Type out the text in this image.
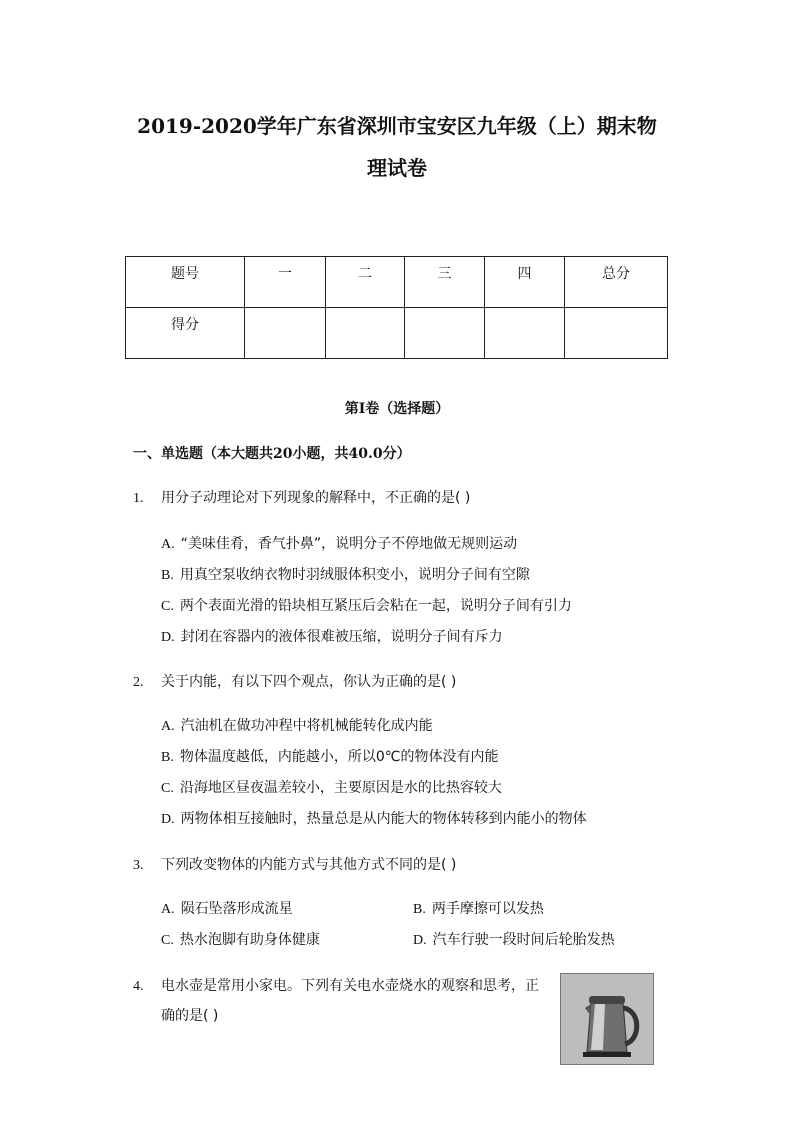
2019-2020学年广东省深圳市宝安区九年级（上）期末物
理试卷
题号	一	二	三	四	总分
得分					
第Ⅰ卷（选择题）
一、单选题（本大题共20小题，共40.0分）
1. 用分子动理论对下列现象的解释中，不正确的是( )
A. “美味佳肴，香气扑鼻”，说明分子不停地做无规则运动
B. 用真空泵收纳衣物时羽绒服体积变小，说明分子间有空隙
C. 两个表面光滑的铅块相互紧压后会粘在一起，说明分子间有引力
D. 封闭在容器内的液体很难被压缩，说明分子间有斥力
2. 关于内能，有以下四个观点，你认为正确的是( )
A. 汽油机在做功冲程中将机械能转化成内能
B. 物体温度越低，内能越小，所以0℃的物体没有内能
C. 沿海地区昼夜温差较小，主要原因是水的比热容较大
D. 两物体相互接触时，热量总是从内能大的物体转移到内能小的物体
3. 下列改变物体的内能方式与其他方式不同的是( )
A. 陨石坠落形成流星	B. 两手摩擦可以发热
C. 热水泡脚有助身体健康	D. 汽车行驶一段时间后轮胎发热
4. 电水壶是常用小家电。下列有关电水壶烧水的观察和思考，正
确的是( )
